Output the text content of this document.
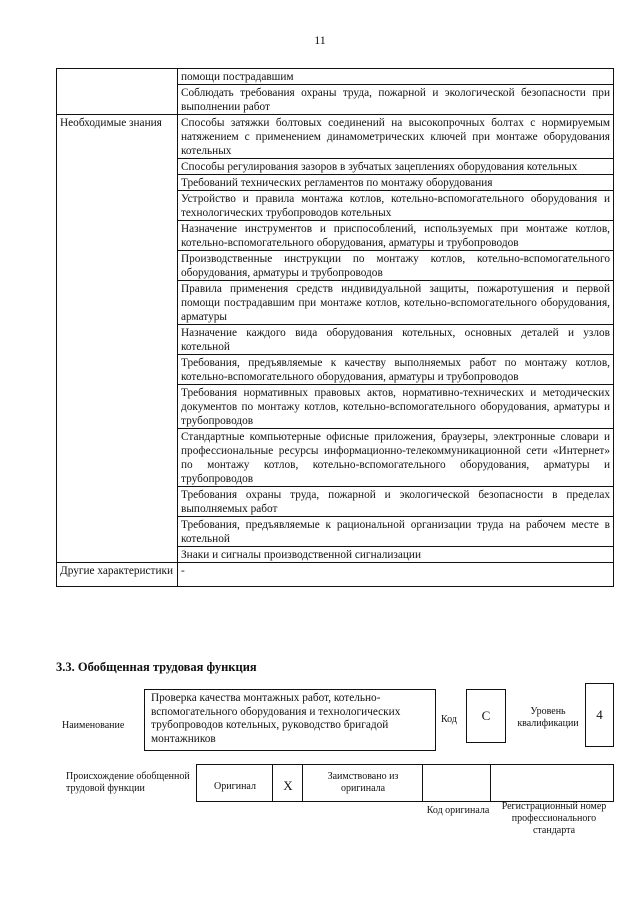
11
	помощи пострадавшим
	Соблюдать требования охраны труда, пожарной и экологической безопасности при выполнении работ
Необходимые знания	Способы затяжки болтовых соединений на высокопрочных болтах с нормируемым натяжением с применением динамометрических ключей при монтаже оборудования котельных
	Способы регулирования зазоров в зубчатых зацеплениях оборудования котельных
	Требований технических регламентов по монтажу оборудования
	Устройство и правила монтажа котлов, котельно-вспомогательного оборудования и технологических трубопроводов котельных
	Назначение инструментов и приспособлений, используемых при монтаже котлов, котельно-вспомогательного оборудования, арматуры и трубопроводов
	Производственные инструкции по монтажу котлов, котельно-вспомогательного оборудования, арматуры и трубопроводов
	Правила применения средств индивидуальной защиты, пожаротушения и первой помощи пострадавшим при монтаже котлов, котельно-вспомогательного оборудования, арматуры
	Назначение каждого вида оборудования котельных, основных деталей и узлов котельной
	Требования, предъявляемые к качеству выполняемых работ по монтажу котлов, котельно-вспомогательного оборудования, арматуры и трубопроводов
	Требования нормативных правовых актов, нормативно-технических и методических документов по монтажу котлов, котельно-вспомогательного оборудования, арматуры и трубопроводов
	Стандартные компьютерные офисные приложения, браузеры, электронные словари и профессиональные ресурсы информационно-телекоммуникационной сети «Интернет» по монтажу котлов, котельно-вспомогательного оборудования, арматуры и трубопроводов
	Требования охраны труда, пожарной и экологической безопасности в пределах выполняемых работ
	Требования, предъявляемые к рациональной организации труда на рабочем месте в котельной
	Знаки и сигналы производственной сигнализации
Другие характеристики	-
3.3. Обобщенная трудовая функция
Наименование
Проверка качества монтажных работ, котельно-вспомогательного оборудования и технологических трубопроводов котельных, руководство бригадой монтажников
Код	C	Уровень квалификации
4
Происхождение обобщенной трудовой функции	Оригинал	X
Заимствовано из оригинала
Код оригинала	Регистрационный номер профессионального стандарта
